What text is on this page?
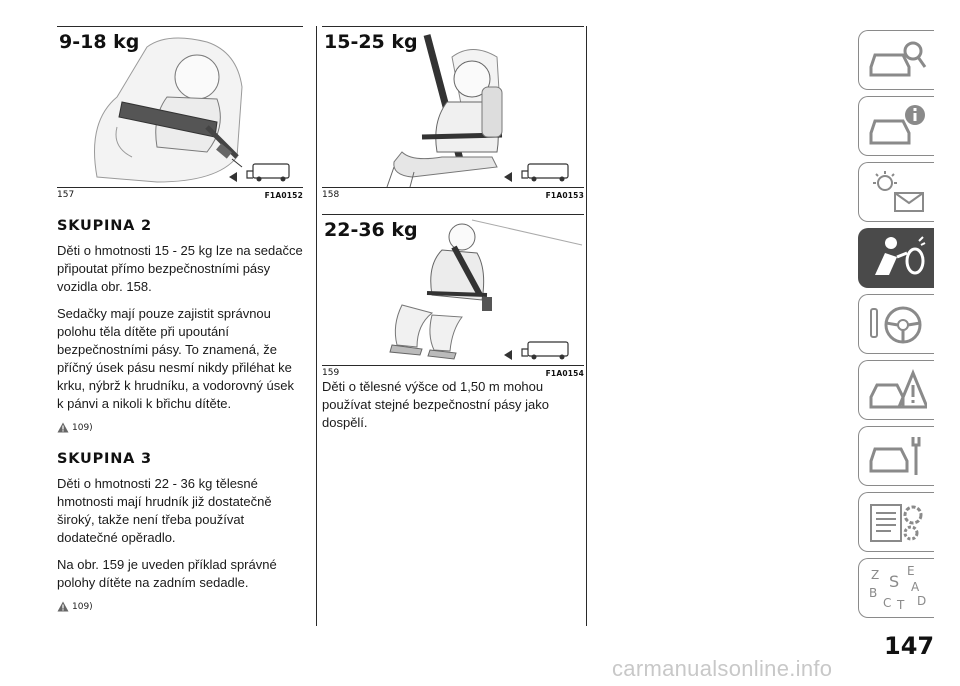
9-18 kg
157	F1A0152
SKUPINA 2

Děti o hmotnosti 15 - 25 kg lze na sedačce připoutat přímo bezpečnostními pásy vozidla obr. 158.

Sedačky mají pouze zajistit správnou polohu těla dítěte při upoutání bezpečnostními pásy. To znamená, že příčný úsek pásu nesmí nikdy přiléhat ke krku, nýbrž k hrudníku, a vodorovný úsek k pánvi a nikoli k břichu dítěte.

109)
SKUPINA 3

Děti o hmotnosti 22 - 36 kg tělesné hmotnosti mají hrudník již dostatečně široký, takže není třeba používat dodatečné opěradlo.

Na obr. 159 je uveden příklad správné polohy dítěte na zadním sedadle.

109)
15-25 kg
158	F1A0153
22-36 kg
159	F1A0154

Děti o tělesné výšce od 1,50 m mohou používat stejné bezpečnostní pásy jako dospělí.

Z E
S A
B
C D
T
147
carmanualsonline.info
